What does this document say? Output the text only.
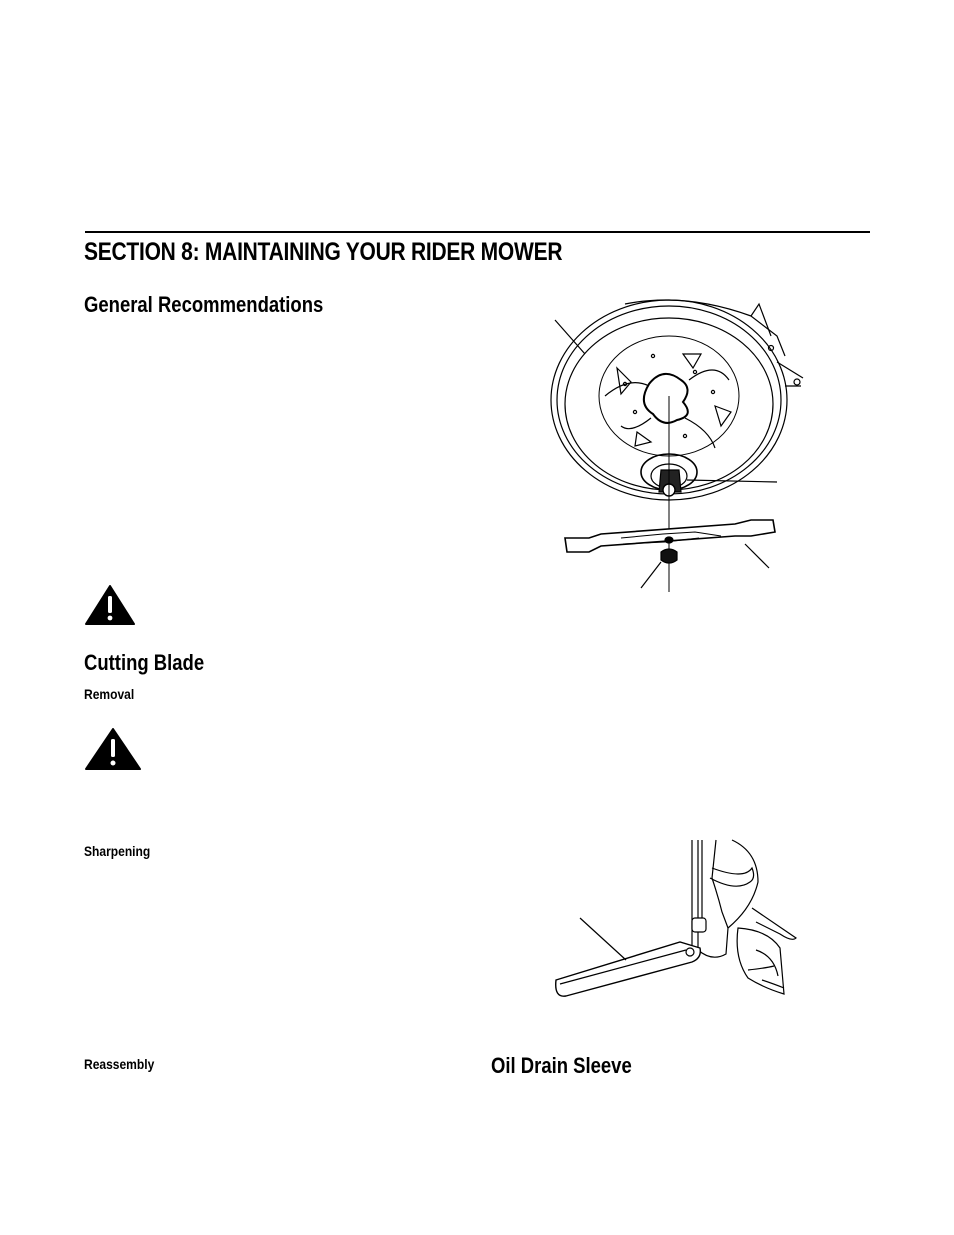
SECTION 8: MAINTAINING YOUR RIDER MOWER
General Recommendations
Cutting Blade
Removal
Sharpening
Reassembly	Oil Drain Sleeve
